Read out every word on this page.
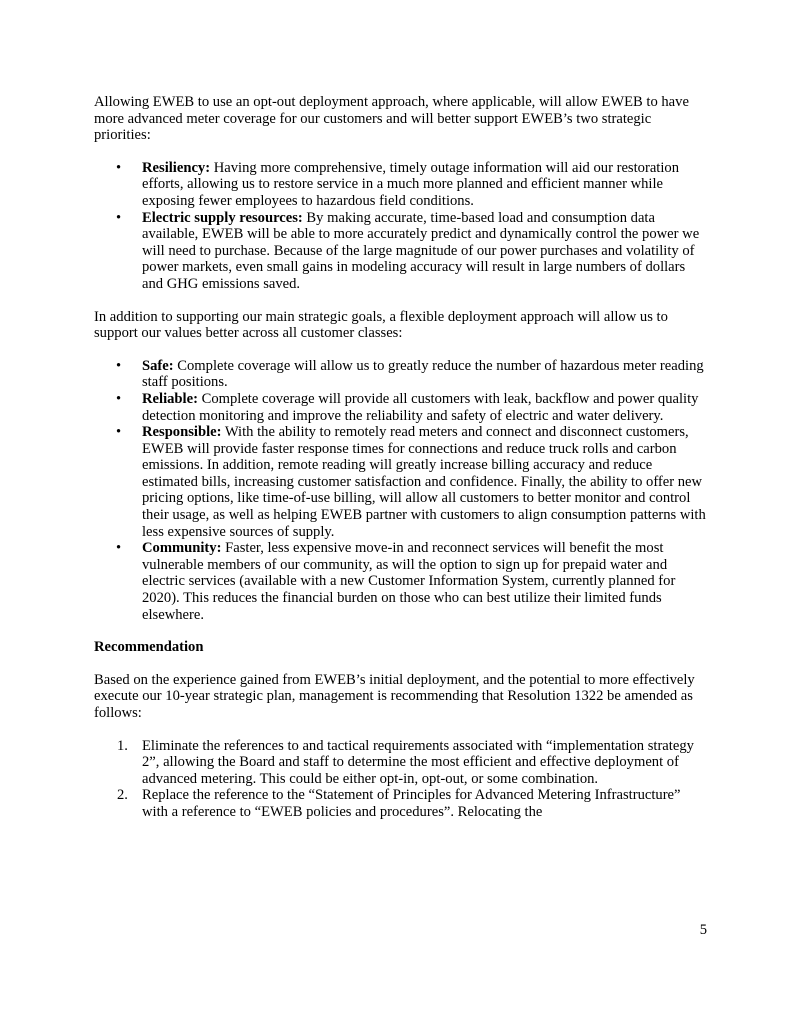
Allowing EWEB to use an opt-out deployment approach, where applicable, will allow EWEB to have more advanced meter coverage for our customers and will better support EWEB’s two strategic priorities:

• Resiliency: Having more comprehensive, timely outage information will aid our restoration efforts, allowing us to restore service in a much more planned and efficient manner while exposing fewer employees to hazardous field conditions.
• Electric supply resources: By making accurate, time-based load and consumption data available, EWEB will be able to more accurately predict and dynamically control the power we will need to purchase. Because of the large magnitude of our power purchases and volatility of power markets, even small gains in modeling accuracy will result in large numbers of dollars and GHG emissions saved.

In addition to supporting our main strategic goals, a flexible deployment approach will allow us to support our values better across all customer classes:

• Safe: Complete coverage will allow us to greatly reduce the number of hazardous meter reading staff positions.
• Reliable: Complete coverage will provide all customers with leak, backflow and power quality detection monitoring and improve the reliability and safety of electric and water delivery.
• Responsible: With the ability to remotely read meters and connect and disconnect customers, EWEB will provide faster response times for connections and reduce truck rolls and carbon emissions. In addition, remote reading will greatly increase billing accuracy and reduce estimated bills, increasing customer satisfaction and confidence. Finally, the ability to offer new pricing options, like time-of-use billing, will allow all customers to better monitor and control their usage, as well as helping EWEB partner with customers to align consumption patterns with less expensive sources of supply.
• Community: Faster, less expensive move-in and reconnect services will benefit the most vulnerable members of our community, as will the option to sign up for prepaid water and electric services (available with a new Customer Information System, currently planned for 2020). This reduces the financial burden on those who can best utilize their limited funds elsewhere.
Recommendation

Based on the experience gained from EWEB’s initial deployment, and the potential to more effectively execute our 10-year strategic plan, management is recommending that Resolution 1322 be amended as follows:

1. Eliminate the references to and tactical requirements associated with “implementation strategy 2”, allowing the Board and staff to determine the most efficient and effective deployment of advanced metering. This could be either opt-in, opt-out, or some combination.
2. Replace the reference to the “Statement of Principles for Advanced Metering Infrastructure” with a reference to “EWEB policies and procedures”. Relocating the
5
